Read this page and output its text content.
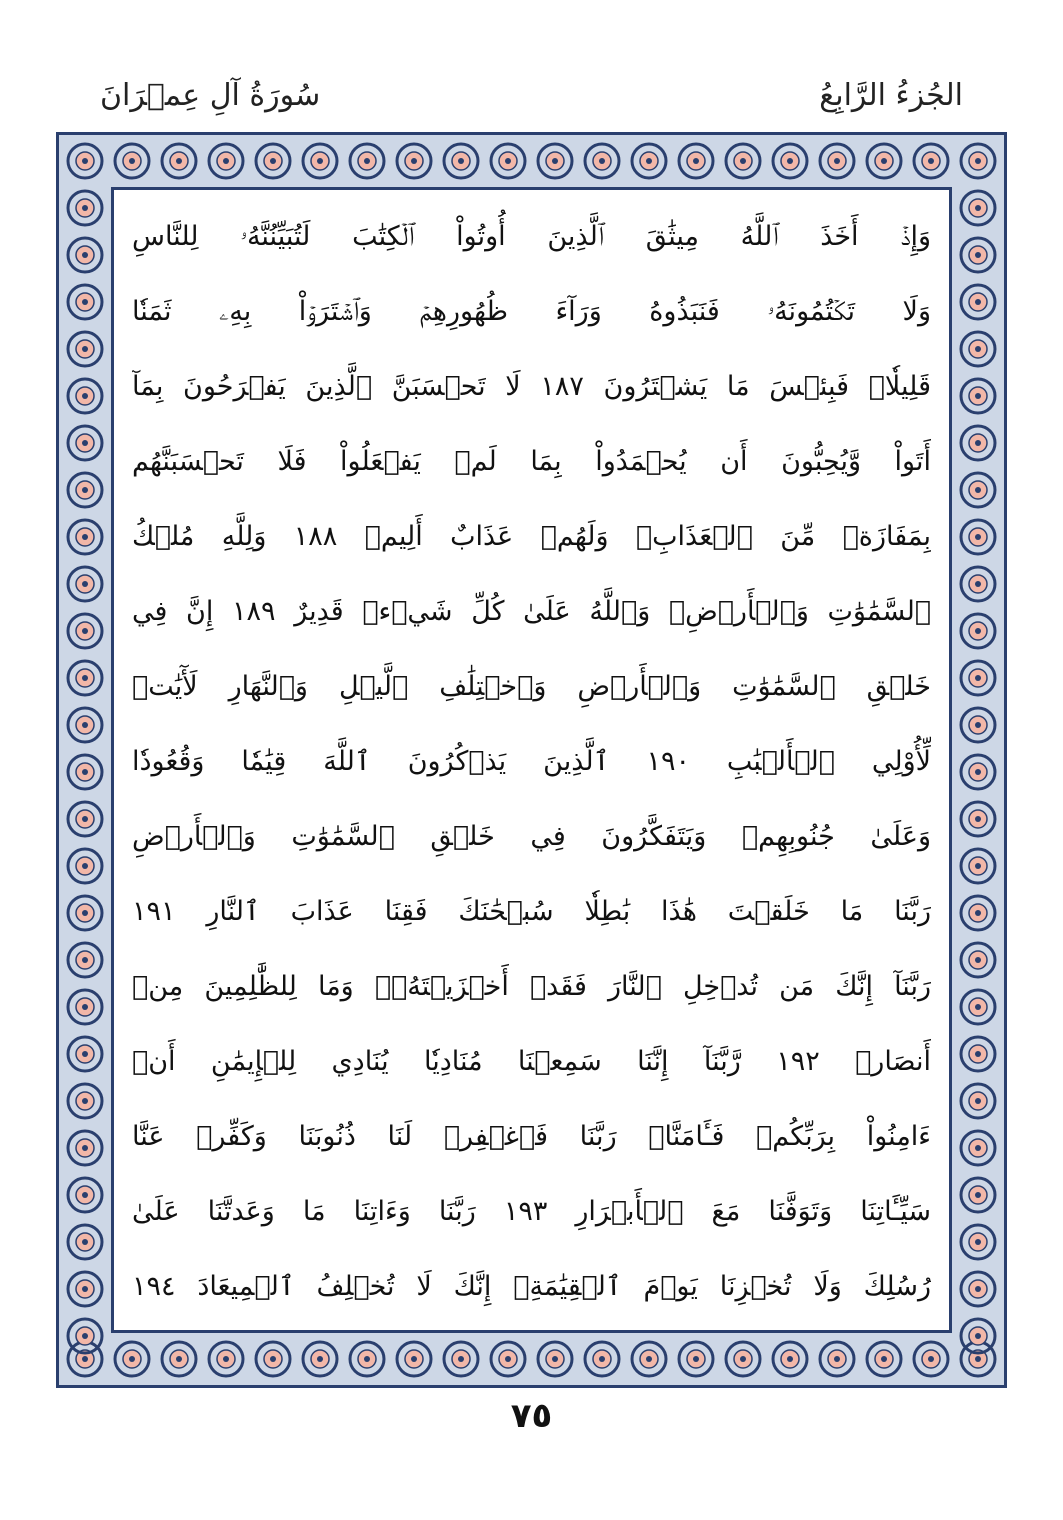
الجُزءُ الرَّابِعُ
سُورَةُ آلِ عِمۡرَانَ
وَإِذۡ أَخَذَ ٱللَّهُ مِيثَٰقَ ٱلَّذِينَ أُوتُواْ ٱلۡكِتَٰبَ لَتُبَيِّنُنَّهُۥ لِلنَّاسِ
وَلَا تَكۡتُمُونَهُۥ فَنَبَذُوهُ وَرَآءَ ظُهُورِهِمۡ وَٱشۡتَرَوۡاْ بِهِۦ ثَمَنٗا
قَلِيلٗاۖ فَبِئۡسَ مَا يَشۡتَرُونَ ١٨٧ لَا تَحۡسَبَنَّ ٱلَّذِينَ يَفۡرَحُونَ بِمَآ
أَتَواْ وَّيُحِبُّونَ أَن يُحۡمَدُواْ بِمَا لَمۡ يَفۡعَلُواْ فَلَا تَحۡسَبَنَّهُم
بِمَفَازَةٖ مِّنَ ٱلۡعَذَابِۖ وَلَهُمۡ عَذَابٌ أَلِيمٞ ١٨٨ وَلِلَّهِ مُلۡكُ
ٱلسَّمَٰوَٰتِ وَٱلۡأَرۡضِۗ وَٱللَّهُ عَلَىٰ كُلِّ شَيۡءٖ قَدِيرٌ ١٨٩ إِنَّ فِي
خَلۡقِ ٱلسَّمَٰوَٰتِ وَٱلۡأَرۡضِ وَٱخۡتِلَٰفِ ٱلَّيۡلِ وَٱلنَّهَارِ لَأٓيَٰتٖ
لِّأُوْلِي ٱلۡأَلۡبَٰبِ ١٩٠ ٱلَّذِينَ يَذۡكُرُونَ ٱللَّهَ قِيَٰمٗا وَقُعُودٗا
وَعَلَىٰ جُنُوبِهِمۡ وَيَتَفَكَّرُونَ فِي خَلۡقِ ٱلسَّمَٰوَٰتِ وَٱلۡأَرۡضِ
رَبَّنَا مَا خَلَقۡتَ هَٰذَا بَٰطِلٗا سُبۡحَٰنَكَ فَقِنَا عَذَابَ ٱلنَّارِ ١٩١
رَبَّنَآ إِنَّكَ مَن تُدۡخِلِ ٱلنَّارَ فَقَدۡ أَخۡزَيۡتَهُۥۖ وَمَا لِلظَّٰلِمِينَ مِنۡ
أَنصَارٖ ١٩٢ رَّبَّنَآ إِنَّنَا سَمِعۡنَا مُنَادِيٗا يُنَادِي لِلۡإِيمَٰنِ أَنۡ
ءَامِنُواْ بِرَبِّكُمۡ فَـَٔامَنَّاۚ رَبَّنَا فَٱغۡفِرۡ لَنَا ذُنُوبَنَا وَكَفِّرۡ عَنَّا
سَيِّـَٔاتِنَا وَتَوَفَّنَا مَعَ ٱلۡأَبۡرَارِ ١٩٣ رَبَّنَا وَءَاتِنَا مَا وَعَدتَّنَا عَلَىٰ
رُسُلِكَ وَلَا تُخۡزِنَا يَوۡمَ ٱلۡقِيَٰمَةِۖ إِنَّكَ لَا تُخۡلِفُ ٱلۡمِيعَادَ ١٩٤
٧٥
